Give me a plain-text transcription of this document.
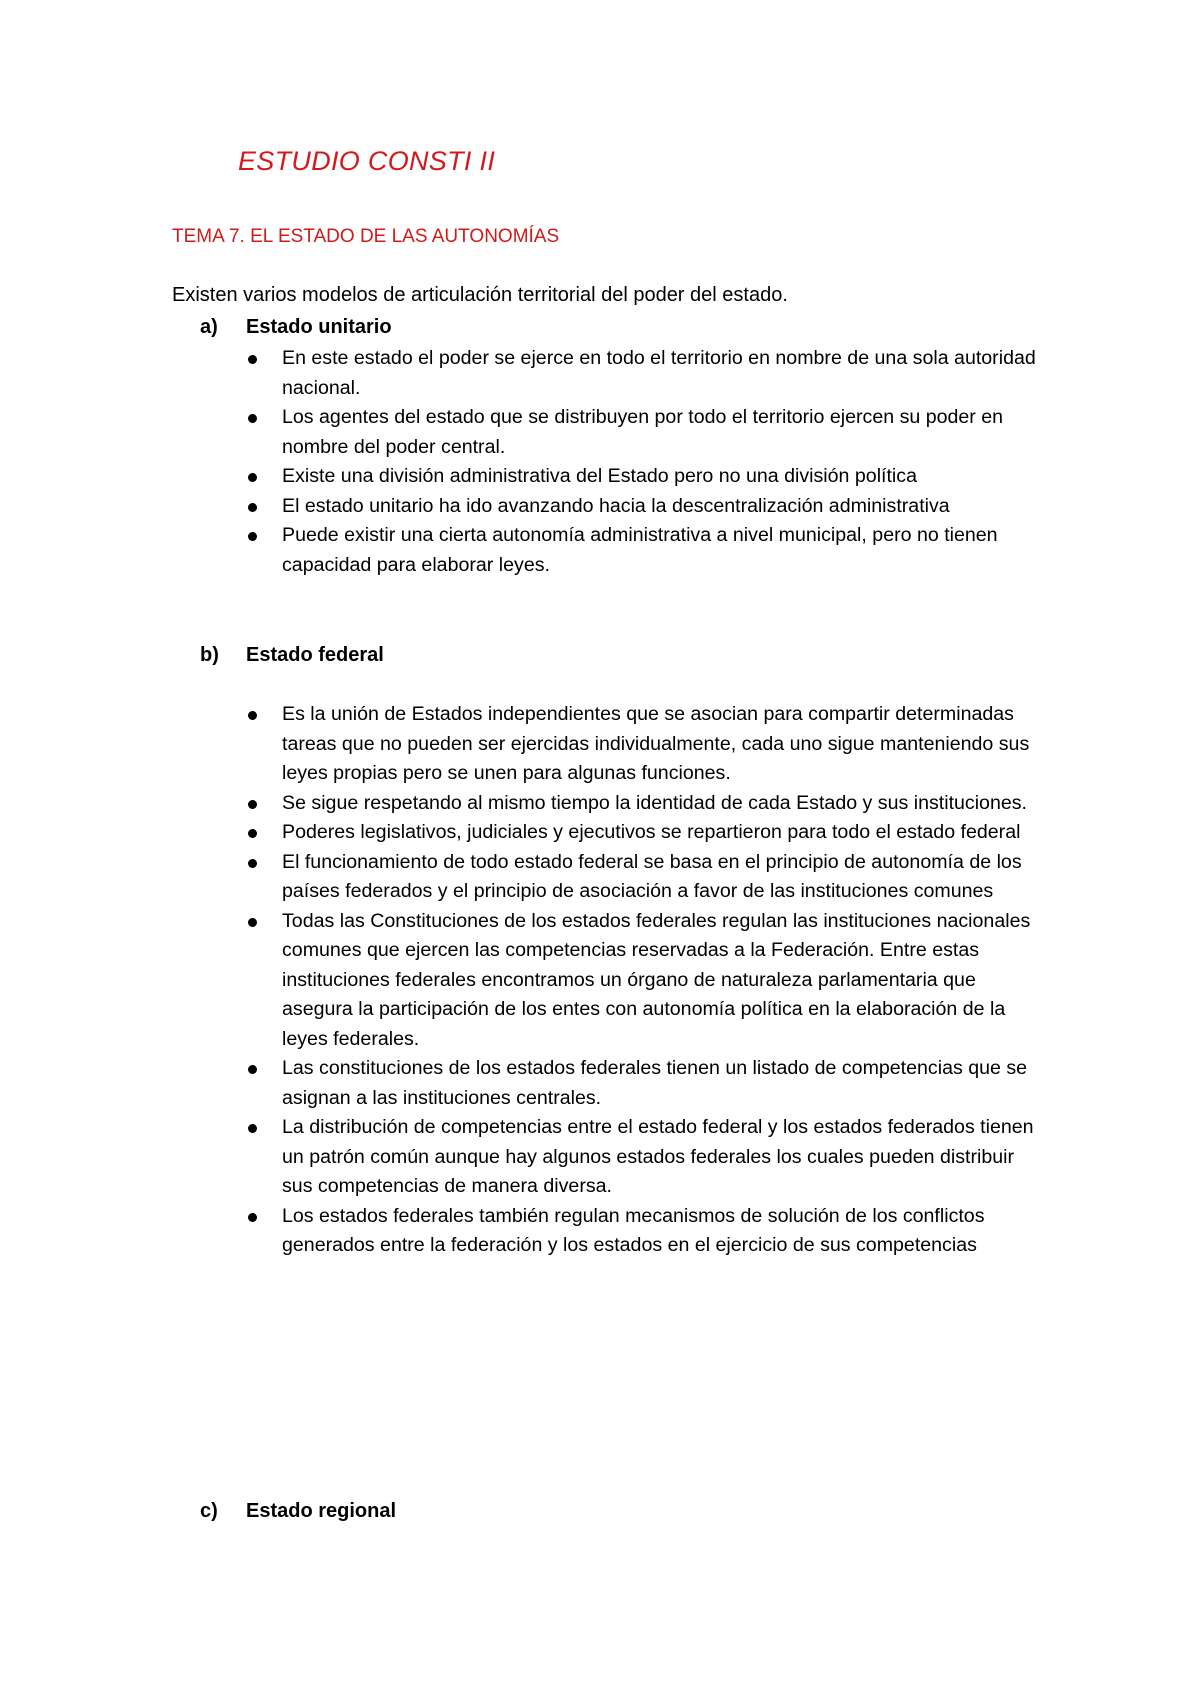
ESTUDIO CONSTI II
TEMA 7. EL ESTADO DE LAS AUTONOMÍAS
Existen varios modelos de articulación territorial del poder del estado.
a) Estado unitario
En este estado el poder se ejerce en todo el territorio en nombre de una sola autoridad nacional.
Los agentes del estado que se distribuyen por todo el territorio ejercen su poder en nombre del poder central.
Existe una división administrativa del Estado pero no una división política
El estado unitario ha ido avanzando hacia la descentralización administrativa
Puede existir una cierta autonomía administrativa a nivel municipal, pero no tienen capacidad para elaborar leyes.
b) Estado federal
Es la unión de Estados independientes que se asocian para compartir determinadas tareas que no pueden ser ejercidas individualmente, cada uno sigue manteniendo sus leyes propias pero se unen para algunas funciones.
Se sigue respetando al mismo tiempo la identidad de cada Estado y sus instituciones.
Poderes legislativos, judiciales y ejecutivos se repartieron para todo el estado federal
El funcionamiento de todo estado federal se basa en el principio de autonomía de los países federados y el principio de asociación a favor de las instituciones comunes
Todas las Constituciones de los estados federales regulan las instituciones nacionales comunes que ejercen las competencias reservadas a la Federación. Entre estas instituciones federales encontramos un órgano de naturaleza parlamentaria que asegura la participación de los entes con autonomía política en la elaboración de la leyes federales.
Las constituciones de los estados federales tienen un listado de competencias que se asignan a las instituciones centrales.
La distribución de competencias entre el estado federal y los estados federados tienen un patrón común aunque hay algunos estados federales los cuales pueden distribuir sus competencias de manera diversa.
Los estados federales también regulan mecanismos de solución de los conflictos generados entre la federación y los estados en el ejercicio de sus competencias
c) Estado regional
